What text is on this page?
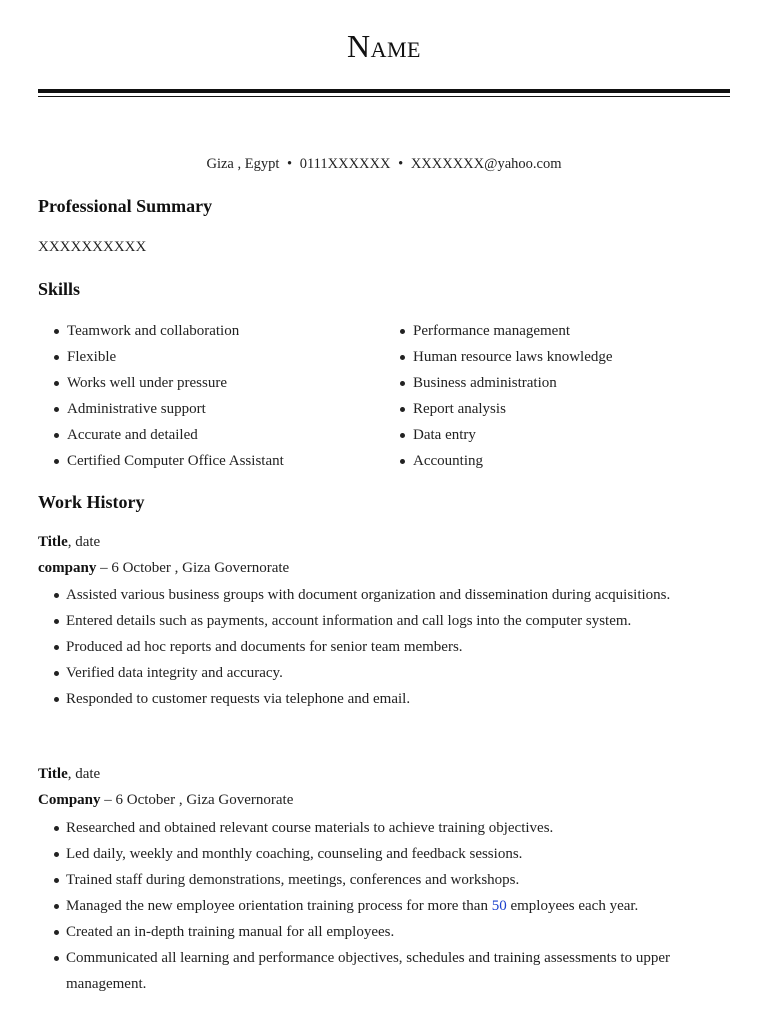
Name
Giza , Egypt • 0111XXXXXX • XXXXXXX@yahoo.com
Professional Summary
XXXXXXXXXX
Skills
Teamwork and collaboration
Flexible
Works well under pressure
Administrative support
Accurate and detailed
Certified Computer Office Assistant
Performance management
Human resource laws knowledge
Business administration
Report analysis
Data entry
Accounting
Work History
Title, date
company – 6 October , Giza Governorate
Assisted various business groups with document organization and dissemination during acquisitions.
Entered details such as payments, account information and call logs into the computer system.
Produced ad hoc reports and documents for senior team members.
Verified data integrity and accuracy.
Responded to customer requests via telephone and email.
Title, date
Company – 6 October , Giza Governorate
Researched and obtained relevant course materials to achieve training objectives.
Led daily, weekly and monthly coaching, counseling and feedback sessions.
Trained staff during demonstrations, meetings, conferences and workshops.
Managed the new employee orientation training process for more than 50 employees each year.
Created an in-depth training manual for all employees.
Communicated all learning and performance objectives, schedules and training assessments to upper management.
